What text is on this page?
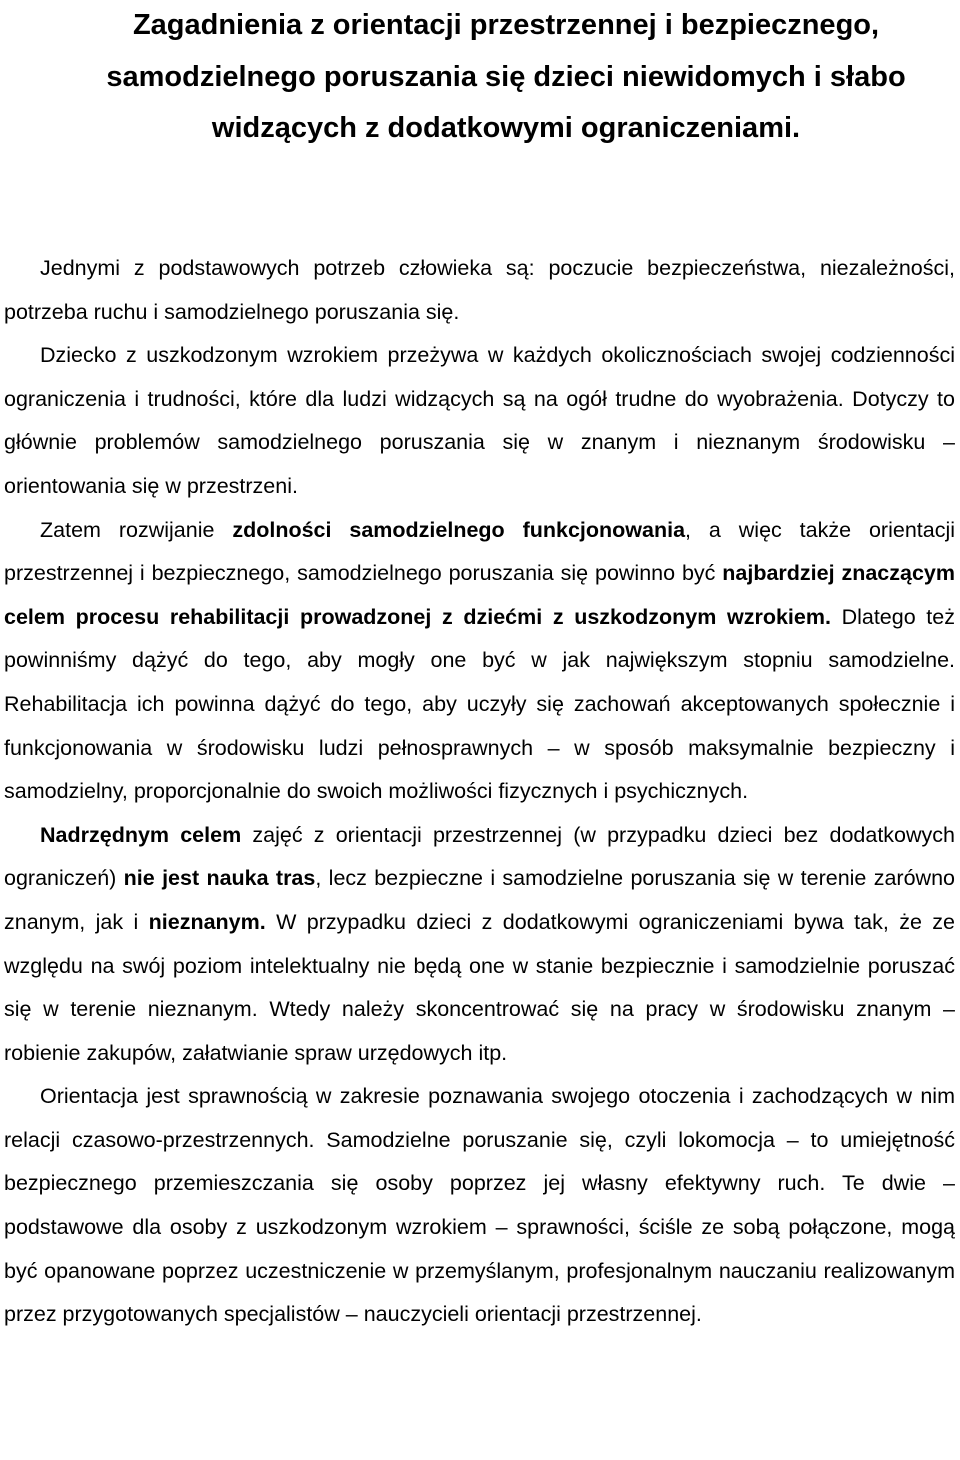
Zagadnienia z orientacji przestrzennej i bezpiecznego, samodzielnego poruszania się dzieci niewidomych i słabo widzących z dodatkowymi ograniczeniami.

Jednymi z podstawowych potrzeb człowieka są: poczucie bezpieczeństwa, niezależności, potrzeba ruchu i samodzielnego poruszania się.

Dziecko z uszkodzonym wzrokiem przeżywa w każdych okolicznościach swojej codzienności ograniczenia i trudności, które dla ludzi widzących są na ogół trudne do wyobrażenia. Dotyczy to głównie problemów samodzielnego poruszania się w znanym i nieznanym środowisku – orientowania się w przestrzeni.

Zatem rozwijanie zdolności samodzielnego funkcjonowania, a więc także orientacji przestrzennej i bezpiecznego, samodzielnego poruszania się powinno być najbardziej znaczącym celem procesu rehabilitacji prowadzonej z dziećmi z uszkodzonym wzrokiem. Dlatego też powinniśmy dążyć do tego, aby mogły one być w jak największym stopniu samodzielne. Rehabilitacja ich powinna dążyć do tego, aby uczyły się zachowań akceptowanych społecznie i funkcjonowania w środowisku ludzi pełnosprawnych – w sposób maksymalnie bezpieczny i samodzielny, proporcjonalnie do swoich możliwości fizycznych i psychicznych.

Nadrzędnym celem zajęć z orientacji przestrzennej (w przypadku dzieci bez dodatkowych ograniczeń) nie jest nauka tras, lecz bezpieczne i samodzielne poruszania się w terenie zarówno znanym, jak i nieznanym. W przypadku dzieci z dodatkowymi ograniczeniami bywa tak, że ze względu na swój poziom intelektualny nie będą one w stanie bezpiecznie i samodzielnie poruszać się w terenie nieznanym. Wtedy należy skoncentrować się na pracy w środowisku znanym – robienie zakupów, załatwianie spraw urzędowych itp.

Orientacja jest sprawnością w zakresie poznawania swojego otoczenia i zachodzących w nim relacji czasowo-przestrzennych. Samodzielne poruszanie się, czyli lokomocja – to umiejętność bezpiecznego przemieszczania się osoby poprzez jej własny efektywny ruch. Te dwie – podstawowe dla osoby z uszkodzonym wzrokiem – sprawności, ściśle ze sobą połączone, mogą być opanowane poprzez uczestniczenie w przemyślanym, profesjonalnym nauczaniu realizowanym przez przygotowanych specjalistów – nauczycieli orientacji przestrzennej.
